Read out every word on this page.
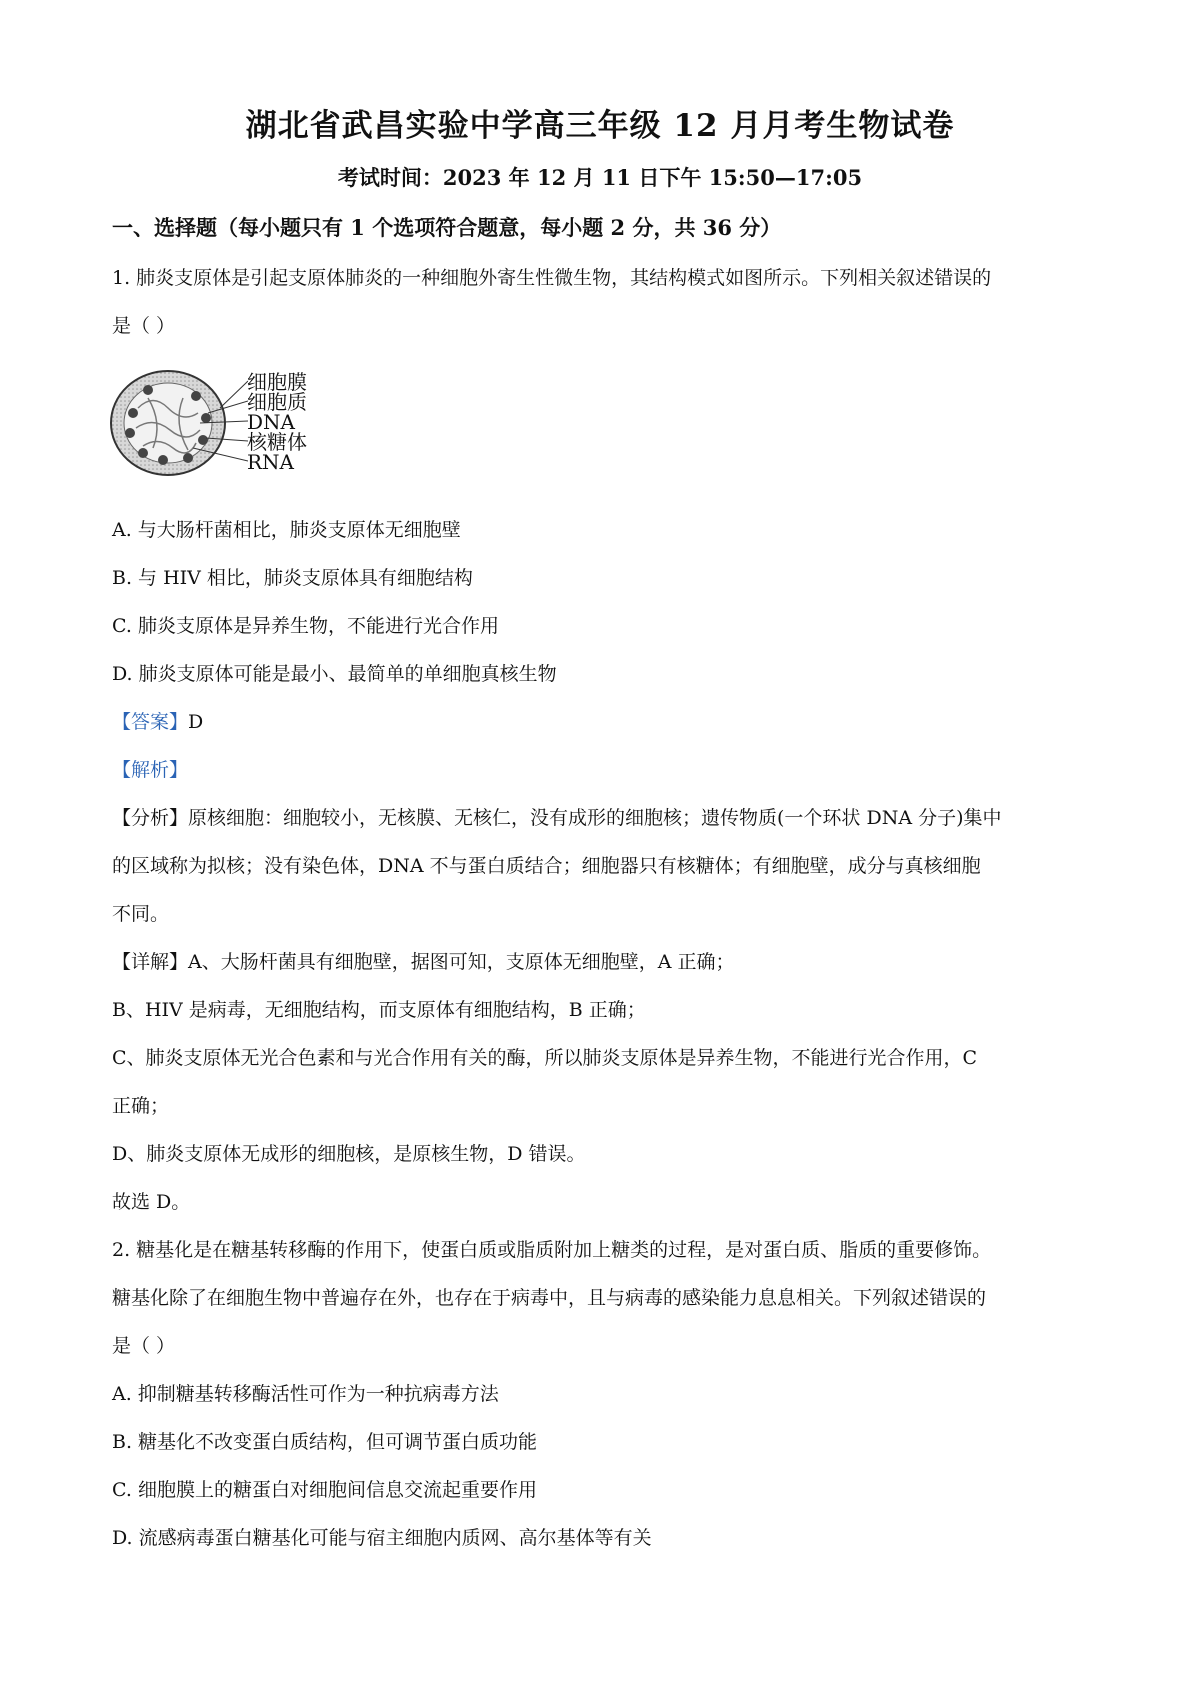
湖北省武昌实验中学高三年级 12 月月考生物试卷
考试时间：2023 年 12 月 11 日下午 15:50—17:05
一、选择题（每小题只有 1 个选项符合题意，每小题 2 分，共 36 分）
1. 肺炎支原体是引起支原体肺炎的一种细胞外寄生性微生物，其结构模式如图所示。下列相关叙述错误的
是（ ）
细胞膜
细胞质
DNA
核糖体
RNA
A. 与大肠杆菌相比，肺炎支原体无细胞壁
B. 与 HIV 相比，肺炎支原体具有细胞结构
C. 肺炎支原体是异养生物，不能进行光合作用
D. 肺炎支原体可能是最小、最简单的单细胞真核生物
【答案】D
【解析】
【分析】原核细胞：细胞较小，无核膜、无核仁，没有成形的细胞核；遗传物质(一个环状 DNA 分子)集中
的区域称为拟核；没有染色体，DNA 不与蛋白质结合；细胞器只有核糖体；有细胞壁，成分与真核细胞
不同。
【详解】A、大肠杆菌具有细胞壁，据图可知，支原体无细胞壁，A 正确；
B、HIV 是病毒，无细胞结构，而支原体有细胞结构，B 正确；
C、肺炎支原体无光合色素和与光合作用有关的酶，所以肺炎支原体是异养生物，不能进行光合作用，C
正确；
D、肺炎支原体无成形的细胞核，是原核生物，D 错误。
故选 D。
2. 糖基化是在糖基转移酶的作用下，使蛋白质或脂质附加上糖类的过程，是对蛋白质、脂质的重要修饰。
糖基化除了在细胞生物中普遍存在外，也存在于病毒中，且与病毒的感染能力息息相关。下列叙述错误的
是（ ）
A. 抑制糖基转移酶活性可作为一种抗病毒方法
B. 糖基化不改变蛋白质结构，但可调节蛋白质功能
C. 细胞膜上的糖蛋白对细胞间信息交流起重要作用
D. 流感病毒蛋白糖基化可能与宿主细胞内质网、高尔基体等有关
